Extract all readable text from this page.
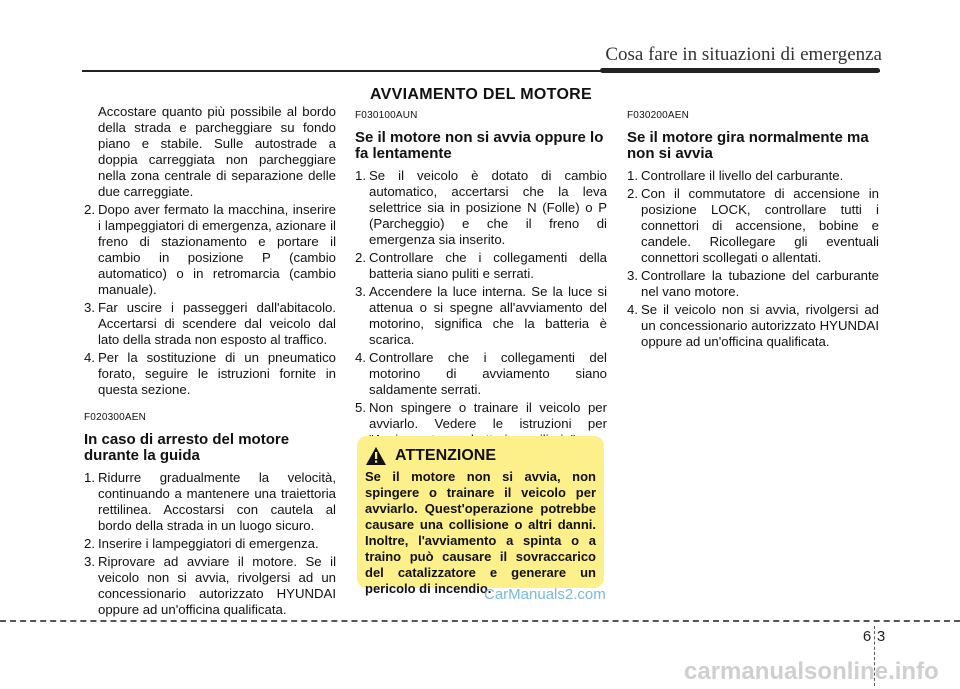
Cosa fare in situazioni di emergenza
AVVIAMENTO DEL MOTORE

Accostare quanto più possibile al bordo della strada e parcheggiare su fondo piano e stabile. Sulle autostrade a doppia carreggiata non parcheggiare nella zona centrale di separazione delle due carreggiate.

2. Dopo aver fermato la macchina, inserire i lampeggiatori di emergenza, azionare il freno di stazionamento e portare il cambio in posizione P (cambio automatico) o in retromarcia (cambio manuale).
3. Far uscire i passeggeri dall'abitacolo. Accertarsi di scendere dal veicolo dal lato della strada non esposto al traffico.
4. Per la sostituzione di un pneumatico forato, seguire le istruzioni fornite in questa sezione.
F020300AEN
In caso di arresto del motore durante la guida
1. Ridurre gradualmente la velocità, continuando a mantenere una traiettoria rettilinea. Accostarsi con cautela al bordo della strada in un luogo sicuro.
2. Inserire i lampeggiatori di emergenza.
3. Riprovare ad avviare il motore. Se il veicolo non si avvia, rivolgersi ad un concessionario autorizzato HYUNDAI oppure ad un'officina qualificata.
F030100AUN
Se il motore non si avvia oppure lo fa lentamente
1. Se il veicolo è dotato di cambio automatico, accertarsi che la leva selettrice sia in posizione N (Folle) o P (Parcheggio) e che il freno di emergenza sia inserito.
2. Controllare che i collegamenti della batteria siano puliti e serrati.
3. Accendere la luce interna. Se la luce si attenua o si spegne all'avviamento del motorino, significa che la batteria è scarica.
4. Controllare che i collegamenti del motorino di avviamento siano saldamente serrati.
5. Non spingere o trainare il veicolo per avviarlo. Vedere le istruzioni per
ATTENZIONE
Se il motore non si avvia, non spingere o trainare il veicolo per avviarlo. Quest'operazione potrebbe causare una collisione o altri danni. Inoltre, l'avviamento a spinta o a traino può causare il sovraccarico del catalizzatore e generare un pericolo di incendio.
F030200AEN
Se il motore gira normalmente ma non si avvia
1. Controllare il livello del carburante.
2. Con il commutatore di accensione in posizione LOCK, controllare tutti i connettori di accensione, bobine e candele. Ricollegare gli eventuali connettori scollegati o allentati.
3. Controllare la tubazione del carburante nel vano motore.
4. Se il veicolo non si avvia, rivolgersi ad un concessionario autorizzato HYUNDAI oppure ad un'officina qualificata.
CarManuals2.com
6 3
carmanualsonline.info
